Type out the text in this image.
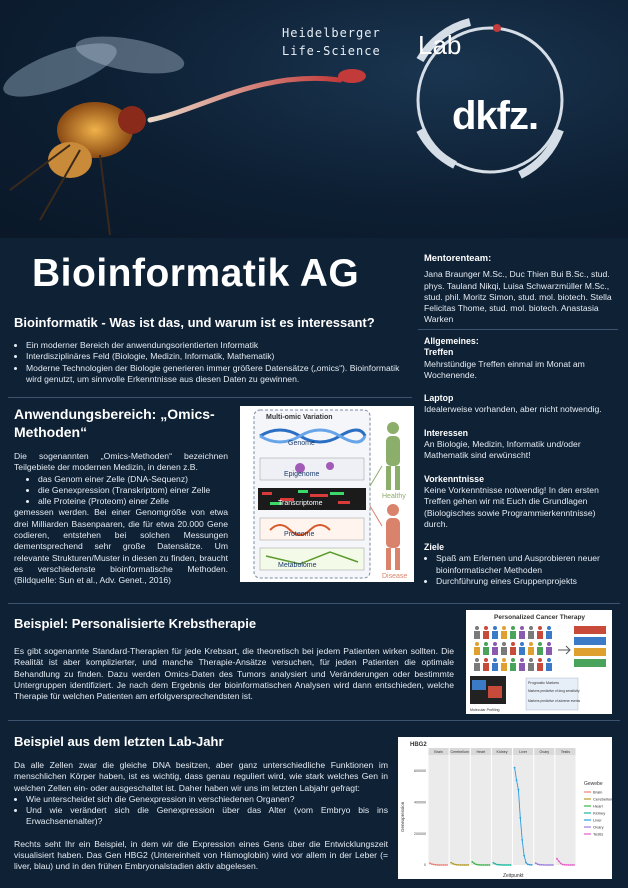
Heidelberger
Life-Science Lab
dkfz.
Bioinformatik AG
Bioinformatik - Was ist das, und warum ist es interessant?
• Ein moderner Bereich der anwendungsorientierten Informatik
• Interdisziplinäres Feld (Biologie, Medizin, Informatik, Mathematik)
• Moderne Technologien der Biologie generieren immer größere Datensätze („omics“). Bioinformatik wird genutzt, um sinnvolle Erkenntnisse aus diesen Daten zu gewinnen.
Anwendungsbereich: „Omics-Methoden“
Die sogenannten „Omics-Methoden“ bezeichnen Teilgebiete der modernen Medizin, in denen z.B.
• das Genom einer Zelle (DNA-Sequenz)
• die Genexpression (Transkriptom) einer Zelle
• alle Proteine (Proteom) einer Zelle
gemessen werden. Bei einer Genomgröße von etwa drei Milliarden Basenpaaren, die für etwa 20.000 Gene codieren, entstehen bei solchen Messungen dementsprechend sehr große Datensätze. Um relevante Strukturen/Muster in diesen zu finden, braucht es verschiedenste bioinformatische Methoden. (Bildquelle: Sun et al., Adv. Genet., 2016)
Multi-omic Variation
Genome
Epigenome
Transcriptome
Proteome
Metabolome
Healthy
Disease
Mentorenteam:
Jana Braunger M.Sc., Duc Thien Bui B.Sc., stud. phys. Tauland Nikqi, Luisa Schwarzmüller M.Sc., stud. phil. Moritz Simon, stud. mol. biotech. Stella Felicitas Thome, stud. mol. biotech. Anastasia Warken
Allgemeines:
Treffen
Mehrstündige Treffen einmal im Monat am Wochenende.
Laptop
Idealerweise vorhanden, aber nicht notwendig.
Interessen
An Biologie, Medizin, Informatik und/oder Mathematik sind erwünscht!
Vorkenntnisse
Keine Vorkenntnisse notwendig! In den ersten Treffen gehen wir mit Euch die Grundlagen (Biologisches sowie Programmierkenntnisse) durch.
Ziele
• Spaß am Erlernen und Ausprobieren neuer bioinformatischer Methoden
• Durchführung eines Gruppenprojekts
Beispiel: Personalisierte Krebstherapie
Es gibt sogenannte Standard-Therapien für jede Krebsart, die theoretisch bei jedem Patienten wirken sollten. Die Realität ist aber komplizierter, und manche Therapie-Ansätze versuchen, für jeden Patienten die optimale Behandlung zu finden. Dazu werden Omics-Daten des Tumors analysiert und Veränderungen oder bestimmte Untergruppen identifiziert. Je nach dem Ergebnis der bioinformatischen Analysen wird dann entschieden, welche Therapie für welchen Patienten am erfolgversprechendsten ist.
Personalized Cancer Therapy
Molecular Profiling
Prognostic Markers
Markers predictive of drug sensitivity
Markers predictive of adverse events
Beispiel aus dem letzten Lab-Jahr
Da alle Zellen zwar die gleiche DNA besitzen, aber ganz unterschiedliche Funktionen im menschlichen Körper haben, ist es wichtig, dass genau reguliert wird, wie stark welches Gen in welchen Zellen ein- oder ausgeschaltet ist. Daher haben wir uns im letzten Labjahr gefragt:
• Wie unterscheidet sich die Genexpression in verschiedenen Organen?
• Und wie verändert sich die Genexpression über das Alter (vom Embryo bis ins Erwachsenenalter)?
Rechts seht Ihr ein Beispiel, in dem wir die Expression eines Gens über die Entwicklungszeit visualisiert haben. Das Gen HBG2 (Untereinheit von Hämoglobin) wird vor allem in der Leber (= liver, blau) und in den frühen Embryonalstadien aktiv abgelesen.
HBG2
Zeitpunkt
Genexpression
Gewebe
Brain Cerebellum Heart	Kidney	Liver	Ovary	Testis
0
200000
400000
600000
Brain
Cerebellum
Heart
Kidney
Liver
Ovary
Testis
